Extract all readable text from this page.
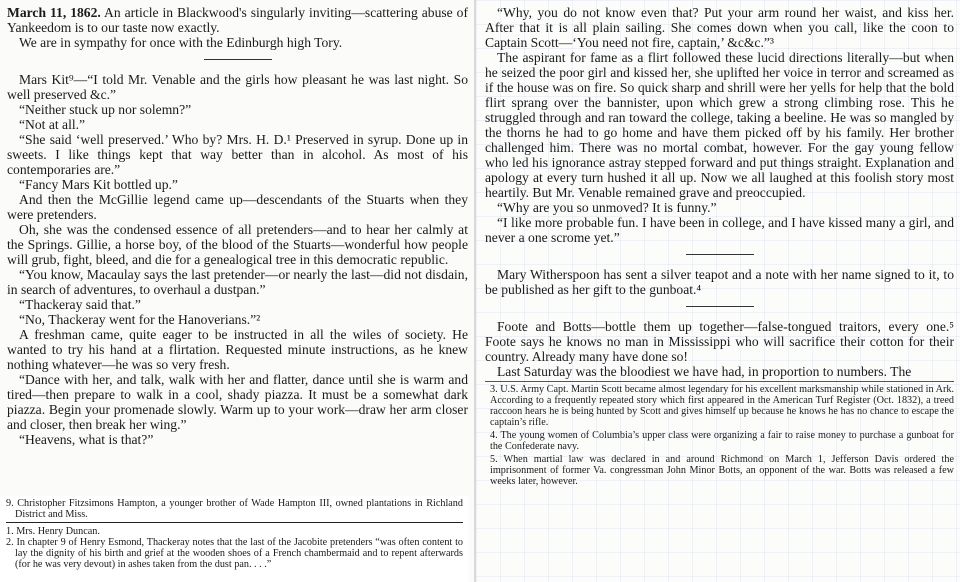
March 11, 1862. An article in Blackwood's singularly inviting—scattering abuse of Yankeedom is to our taste now exactly.

We are in sympathy for once with the Edinburgh high Tory.

Mars Kit⁹—“I told Mr. Venable and the girls how pleasant he was last night. So well preserved &c.”

“Neither stuck up nor solemn?”

“Not at all.”

“She said ‘well preserved.’ Who by? Mrs. H. D.¹ Preserved in syrup. Done up in sweets. I like things kept that way better than in alcohol. As most of his contemporaries are.”

“Fancy Mars Kit bottled up.”

And then the McGillie legend came up—descendants of the Stuarts when they were pretenders.

Oh, she was the condensed essence of all pretenders—and to hear her calmly at the Springs. Gillie, a horse boy, of the blood of the Stuarts—wonderful how people will grub, fight, bleed, and die for a genealogical tree in this democratic republic.

“You know, Macaulay says the last pretender—or nearly the last—did not disdain, in search of adventures, to overhaul a dustpan.”

“Thackeray said that.”

“No, Thackeray went for the Hanoverians.”²

A freshman came, quite eager to be instructed in all the wiles of society. He wanted to try his hand at a flirtation. Requested minute instructions, as he knew nothing whatever—he was so very fresh.

“Dance with her, and talk, walk with her and flatter, dance until she is warm and tired—then prepare to walk in a cool, shady piazza. It must be a somewhat dark piazza. Begin your promenade slowly. Warm up to your work—draw her arm closer and closer, then break her wing.”

“Heavens, what is that?”

9. Christopher Fitzsimons Hampton, a younger brother of Wade Hampton III, owned plantations in Richland District and Miss.

1. Mrs. Henry Duncan.

2. In chapter 9 of Henry Esmond, Thackeray notes that the last of the Jacobite pretenders “was often content to lay the dignity of his birth and grief at the wooden shoes of a French chambermaid and to repent afterwards (for he was very devout) in ashes taken from the dust pan. . . .”

“Why, you do not know even that? Put your arm round her waist, and kiss her. After that it is all plain sailing. She comes down when you call, like the coon to Captain Scott—‘You need not fire, captain,’ &c&c.”³

The aspirant for fame as a flirt followed these lucid directions literally—but when he seized the poor girl and kissed her, she uplifted her voice in terror and screamed as if the house was on fire. So quick sharp and shrill were her yells for help that the bold flirt sprang over the bannister, upon which grew a strong climbing rose. This he struggled through and ran toward the college, taking a beeline. He was so mangled by the thorns he had to go home and have them picked off by his family. Her brother challenged him. There was no mortal combat, however. For the gay young fellow who led his ignorance astray stepped forward and put things straight. Explanation and apology at every turn hushed it all up. Now we all laughed at this foolish story most heartily. But Mr. Venable remained grave and preoccupied.

“Why are you so unmoved? It is funny.”

“I like more probable fun. I have been in college, and I have kissed many a girl, and never a one scrome yet.”

Mary Witherspoon has sent a silver teapot and a note with her name signed to it, to be published as her gift to the gunboat.⁴

Foote and Botts—bottle them up together—false-tongued traitors, every one.⁵ Foote says he knows no man in Mississippi who will sacrifice their cotton for their country. Already many have done so!

Last Saturday was the bloodiest we have had, in proportion to numbers. The

3. U.S. Army Capt. Martin Scott became almost legendary for his excellent marksmanship while stationed in Ark. According to a frequently repeated story which first appeared in the American Turf Register (Oct. 1832), a treed raccoon hears he is being hunted by Scott and gives himself up because he knows he has no chance to escape the captain’s rifle.

4. The young women of Columbia’s upper class were organizing a fair to raise money to purchase a gunboat for the Confederate navy.

5. When martial law was declared in and around Richmond on March 1, Jefferson Davis ordered the imprisonment of former Va. congressman John Minor Botts, an opponent of the war. Botts was released a few weeks later, however.
